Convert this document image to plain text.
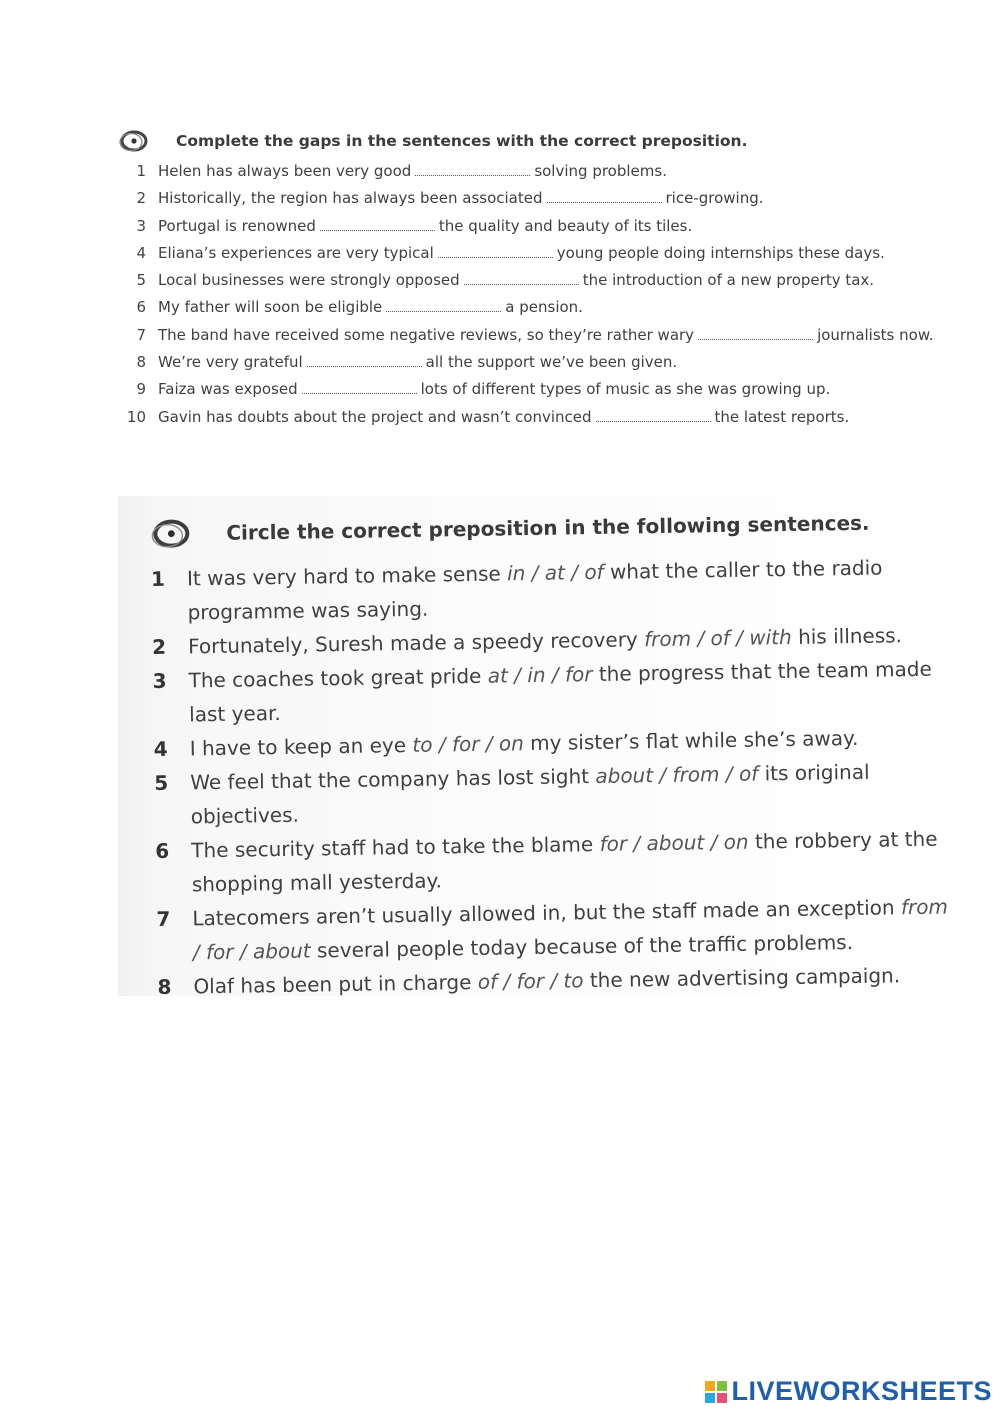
Complete the gaps in the sentences with the correct preposition.
1 Helen has always been very good	solving problems.
2 Historically, the region has always been associated	rice-growing.
3 Portugal is renowned	the quality and beauty of its tiles.
4 Eliana’s experiences are very typical	young people doing internships these days.
5 Local businesses were strongly opposed	the introduction of a new property tax.
6 My father will soon be eligible	a pension.
7 The band have received some negative reviews, so they’re rather wary	journalists now.
8 We’re very grateful	all the support we’ve been given.
9 Faiza was exposed	lots of different types of music as she was growing up.
10 Gavin has doubts about the project and wasn’t convinced	the latest reports.
Circle the correct preposition in the following sentences.
1	It was very hard to make sense in / at / of what the caller to the radio programme was saying.
2	Fortunately, Suresh made a speedy recovery from / of / with his illness.
3	The coaches took great pride at / in / for the progress that the team made last year.
4	I have to keep an eye to / for / on my sister’s flat while she’s away.
5	We feel that the company has lost sight about / from / of its original objectives.
6	The security staff had to take the blame for / about / on the robbery at the shopping mall yesterday.
7	Latecomers aren’t usually allowed in, but the staff made an exception from / for / about several people today because of the traffic problems.
8	Olaf has been put in charge of / for / to the new advertising campaign.
LIVEWORKSHEETS
